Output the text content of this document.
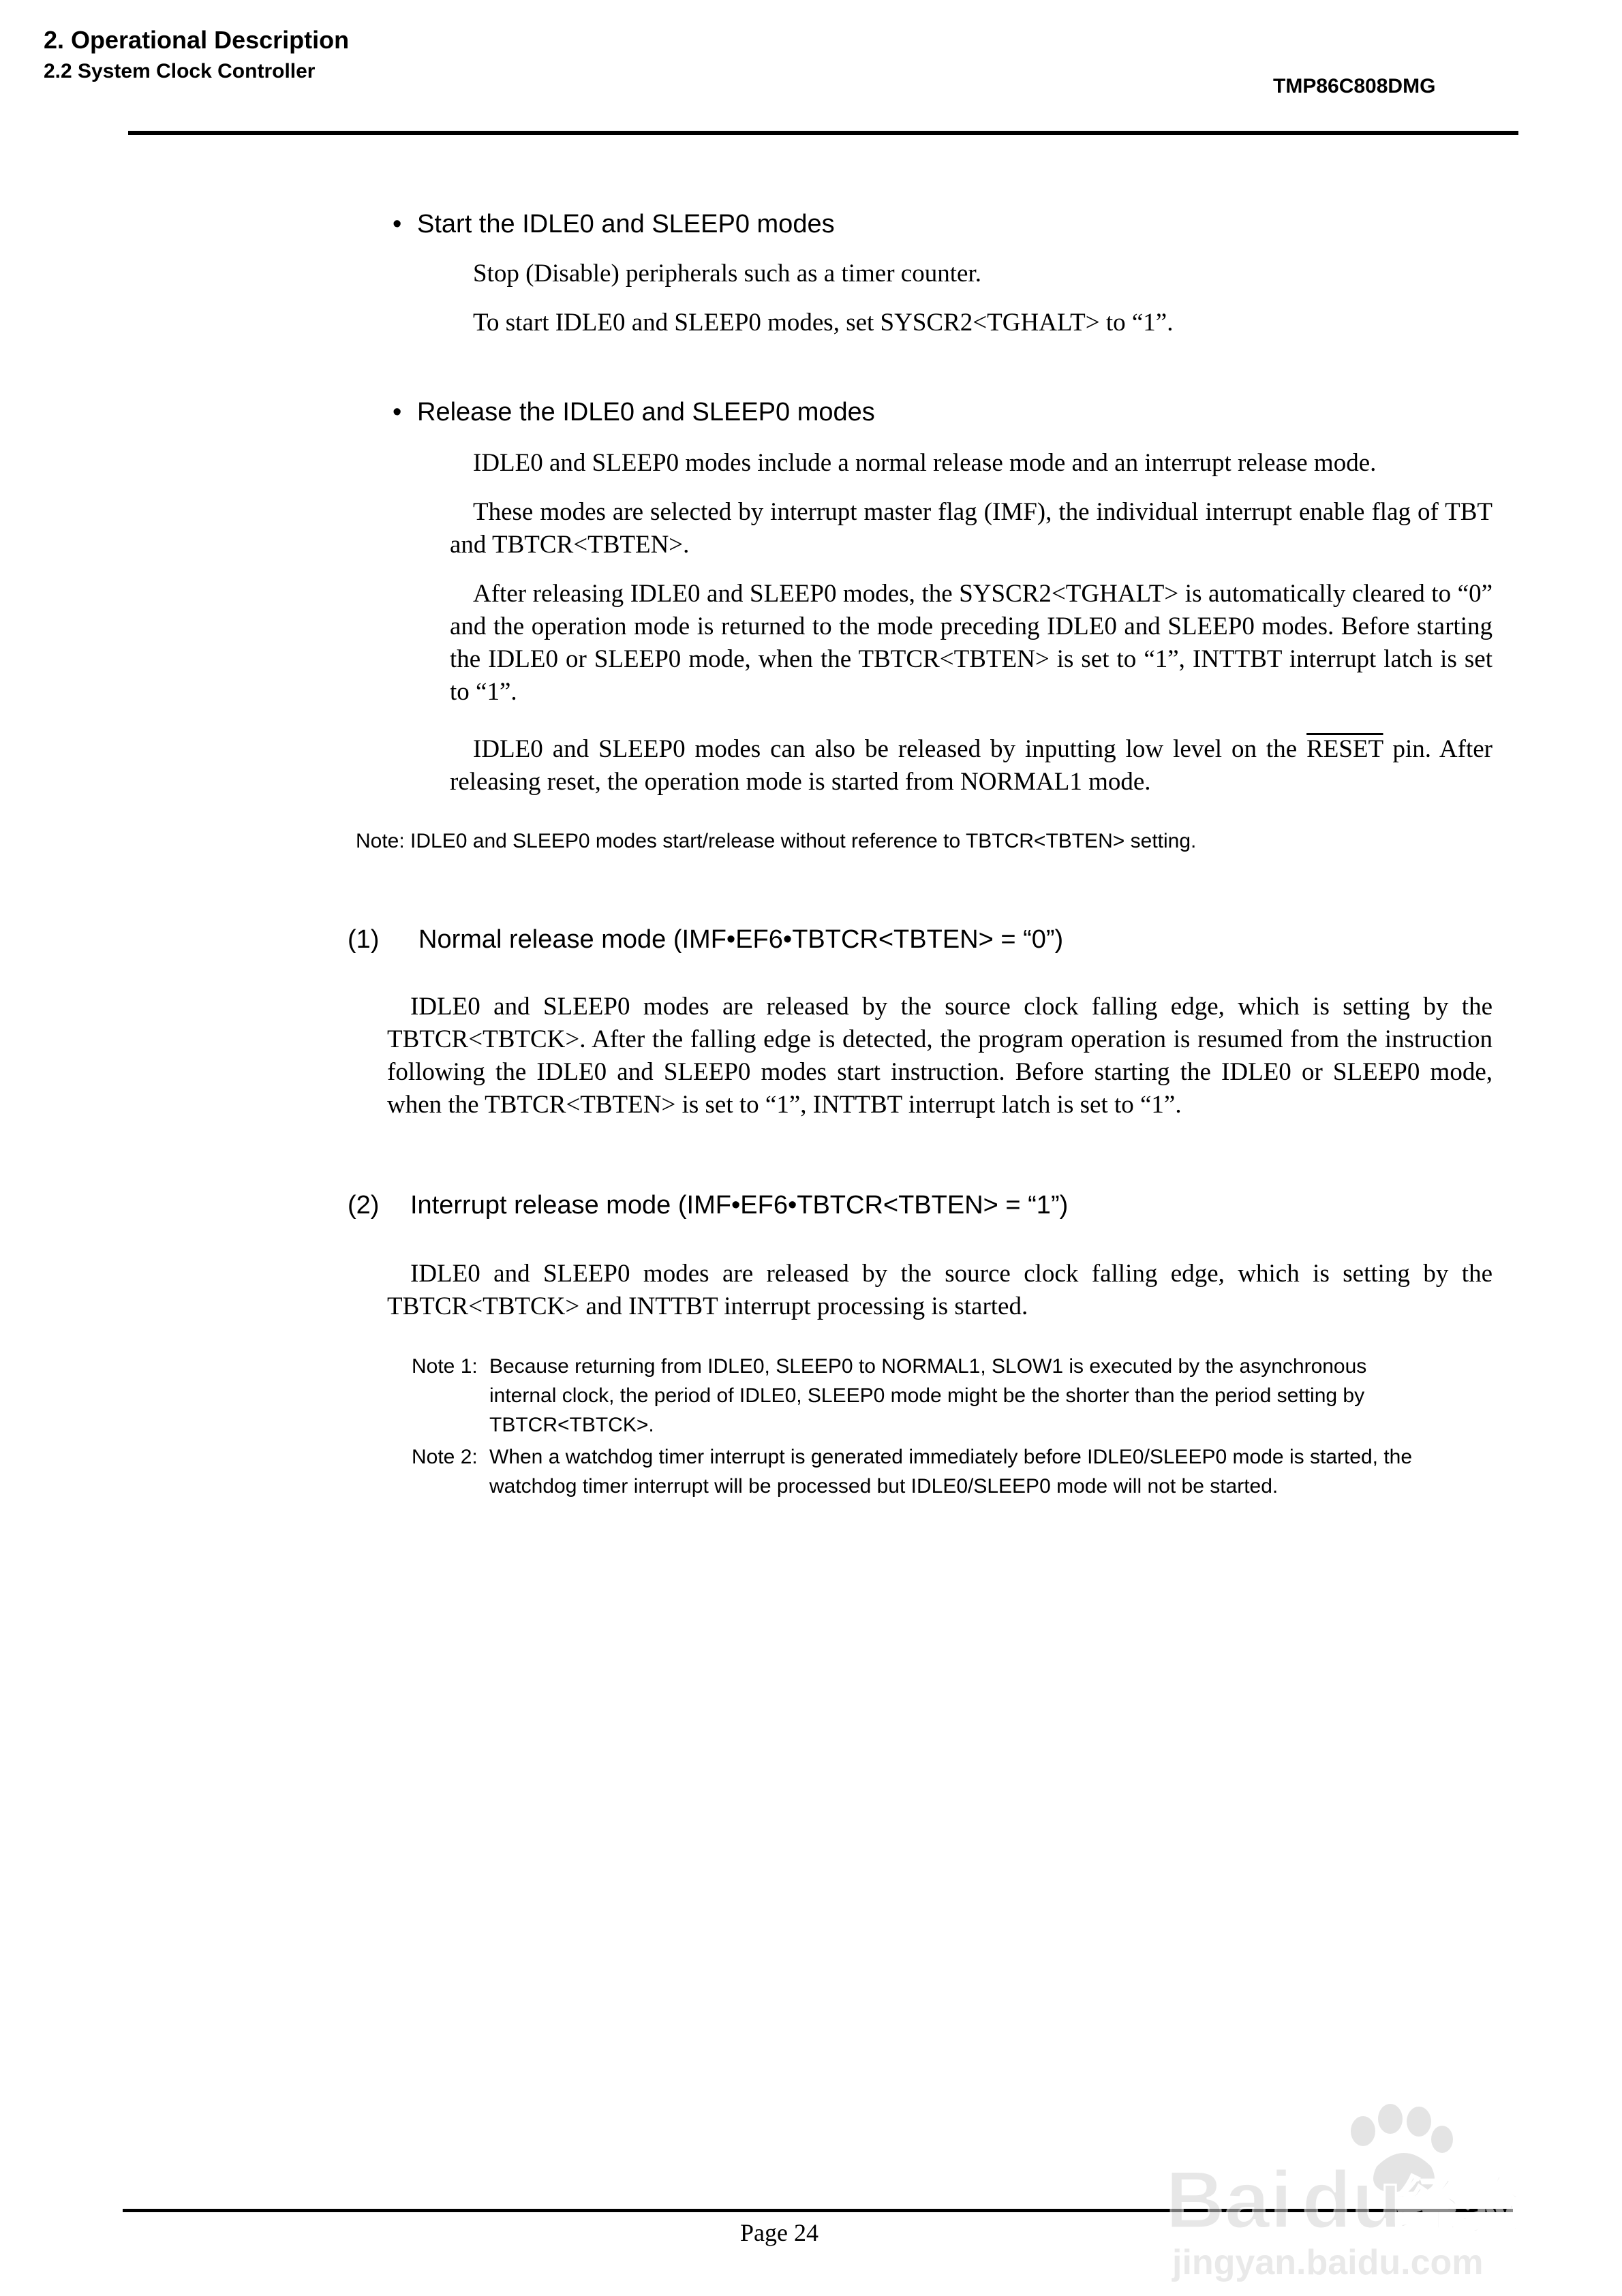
2. Operational Description
2.2 System Clock Controller
TMP86C808DMG
• Start the IDLE0 and SLEEP0 modes
Stop (Disable) peripherals such as a timer counter.
To start IDLE0 and SLEEP0 modes, set SYSCR2<TGHALT> to “1”.
• Release the IDLE0 and SLEEP0 modes
IDLE0 and SLEEP0 modes include a normal release mode and an interrupt release mode.
These modes are selected by interrupt master flag (IMF), the individual interrupt enable flag of TBT and TBTCR<TBTEN>.
After releasing IDLE0 and SLEEP0 modes, the SYSCR2<TGHALT> is automatically cleared to “0” and the operation mode is returned to the mode preceding IDLE0 and SLEEP0 modes. Before starting the IDLE0 or SLEEP0 mode, when the TBTCR<TBTEN> is set to “1”, INTTBT interrupt latch is set to “1”.
IDLE0 and SLEEP0 modes can also be released by inputting low level on the RESET pin. After releasing reset, the operation mode is started from NORMAL1 mode.
Note: IDLE0 and SLEEP0 modes start/release without reference to TBTCR<TBTEN> setting.
(1) Normal release mode (IMF•EF6•TBTCR<TBTEN> = “0”)
IDLE0 and SLEEP0 modes are released by the source clock falling edge, which is setting by the TBTCR<TBTCK>. After the falling edge is detected, the program operation is resumed from the instruction following the IDLE0 and SLEEP0 modes start instruction. Before starting the IDLE0 or SLEEP0 mode, when the TBTCR<TBTEN> is set to “1”, INTTBT interrupt latch is set to “1”.
(2) Interrupt release mode (IMF•EF6•TBTCR<TBTEN> = “1”)
IDLE0 and SLEEP0 modes are released by the source clock falling edge, which is setting by the TBTCR<TBTCK> and INTTBT interrupt processing is started.
Note 1: Because returning from IDLE0, SLEEP0 to NORMAL1, SLOW1 is executed by the asynchronous internal clock, the period of IDLE0, SLEEP0 mode might be the shorter than the period setting by TBTCR<TBTCK>.
Note 2: When a watchdog timer interrupt is generated immediately before IDLE0/SLEEP0 mode is started, the watchdog timer interrupt will be processed but IDLE0/SLEEP0 mode will not be started.
Page 24	Bai du
经验
jingyan.baidu.com
